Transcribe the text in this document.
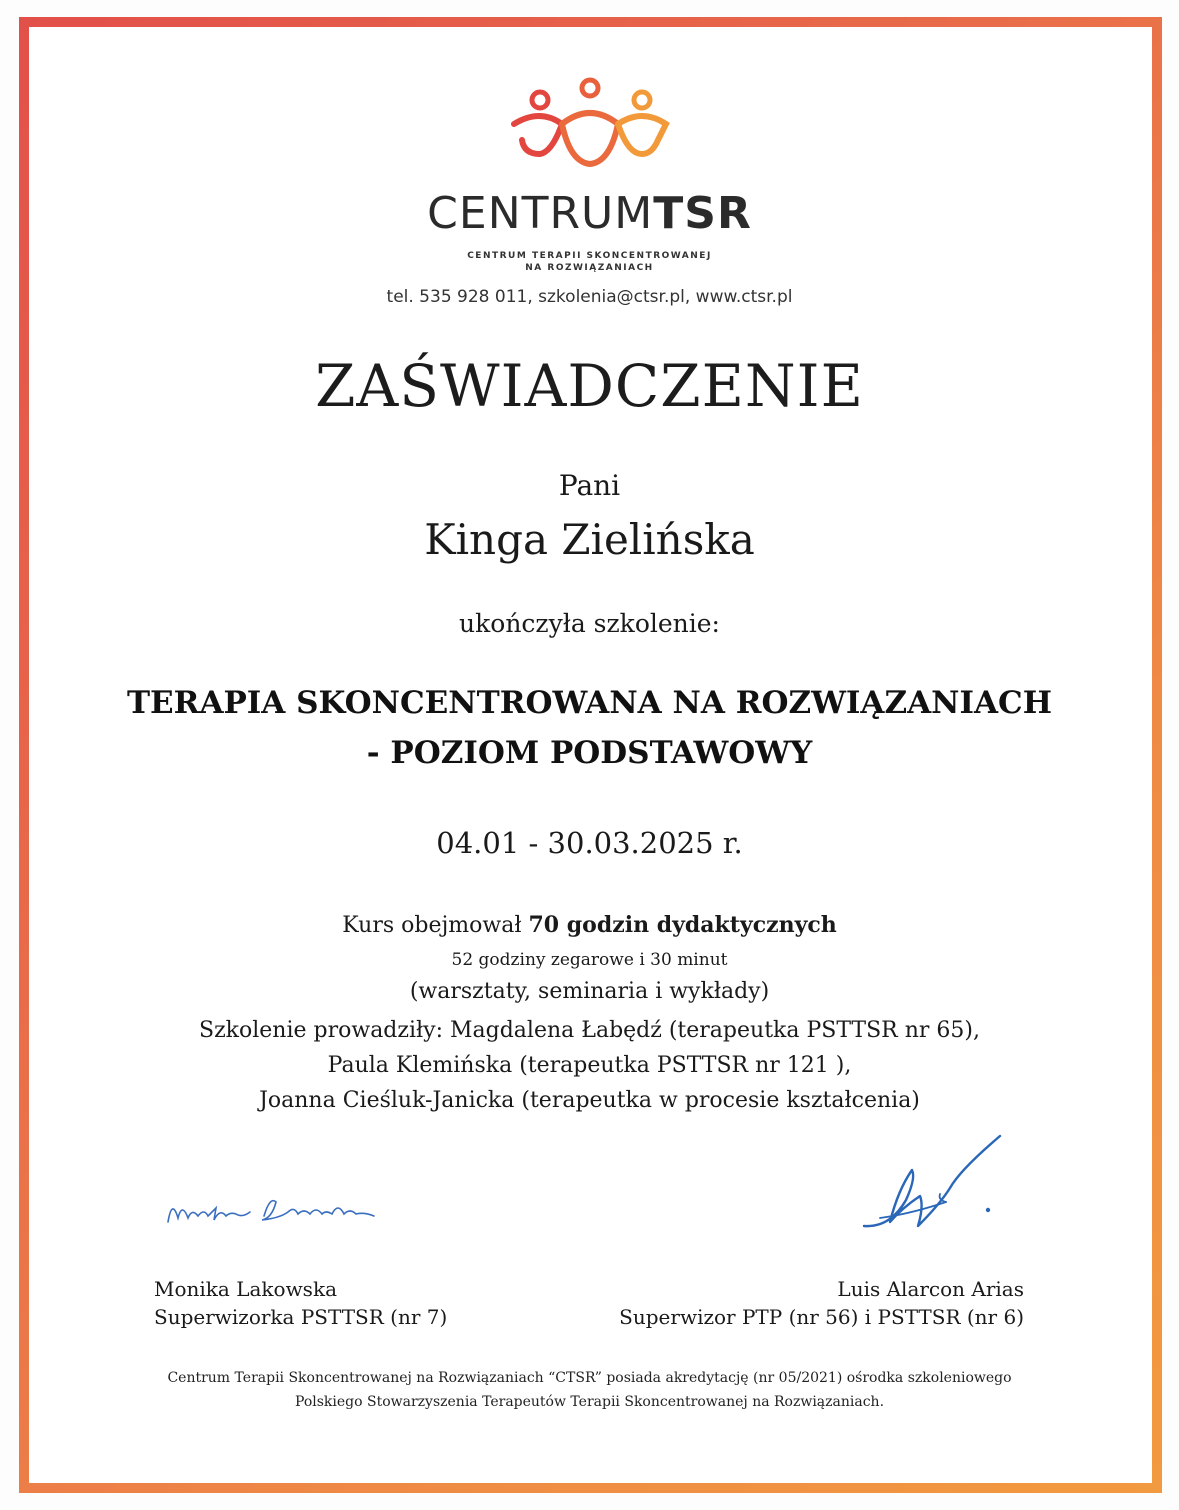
CENTRUMTSR
CENTRUM TERAPII SKONCENTROWANEJ
NA ROZWIĄZANIACH
tel. 535 928 011, szkolenia@ctsr.pl, www.ctsr.pl
ZAŚWIADCZENIE
Pani
Kinga Zielińska
ukończyła szkolenie:
TERAPIA SKONCENTROWANA NA ROZWIĄZANIACH
- POZIOM PODSTAWOWY
04.01 - 30.03.2025 r.
Kurs obejmował 70 godzin dydaktycznych
52 godziny zegarowe i 30 minut
(warsztaty, seminaria i wykłady)
Szkolenie prowadziły: Magdalena Łabędź (terapeutka PSTTSR nr 65),
Paula Klemińska (terapeutka PSTTSR nr 121 ),
Joanna Cieśluk-Janicka (terapeutka w procesie kształcenia)
Monika Lakowska
Superwizorka PSTTSR (nr 7)
Luis Alarcon Arias
Superwizor PTP (nr 56) i PSTTSR (nr 6)
Centrum Terapii Skoncentrowanej na Rozwiązaniach “CTSR” posiada akredytację (nr 05/2021) ośrodka szkoleniowego
Polskiego Stowarzyszenia Terapeutów Terapii Skoncentrowanej na Rozwiązaniach.
